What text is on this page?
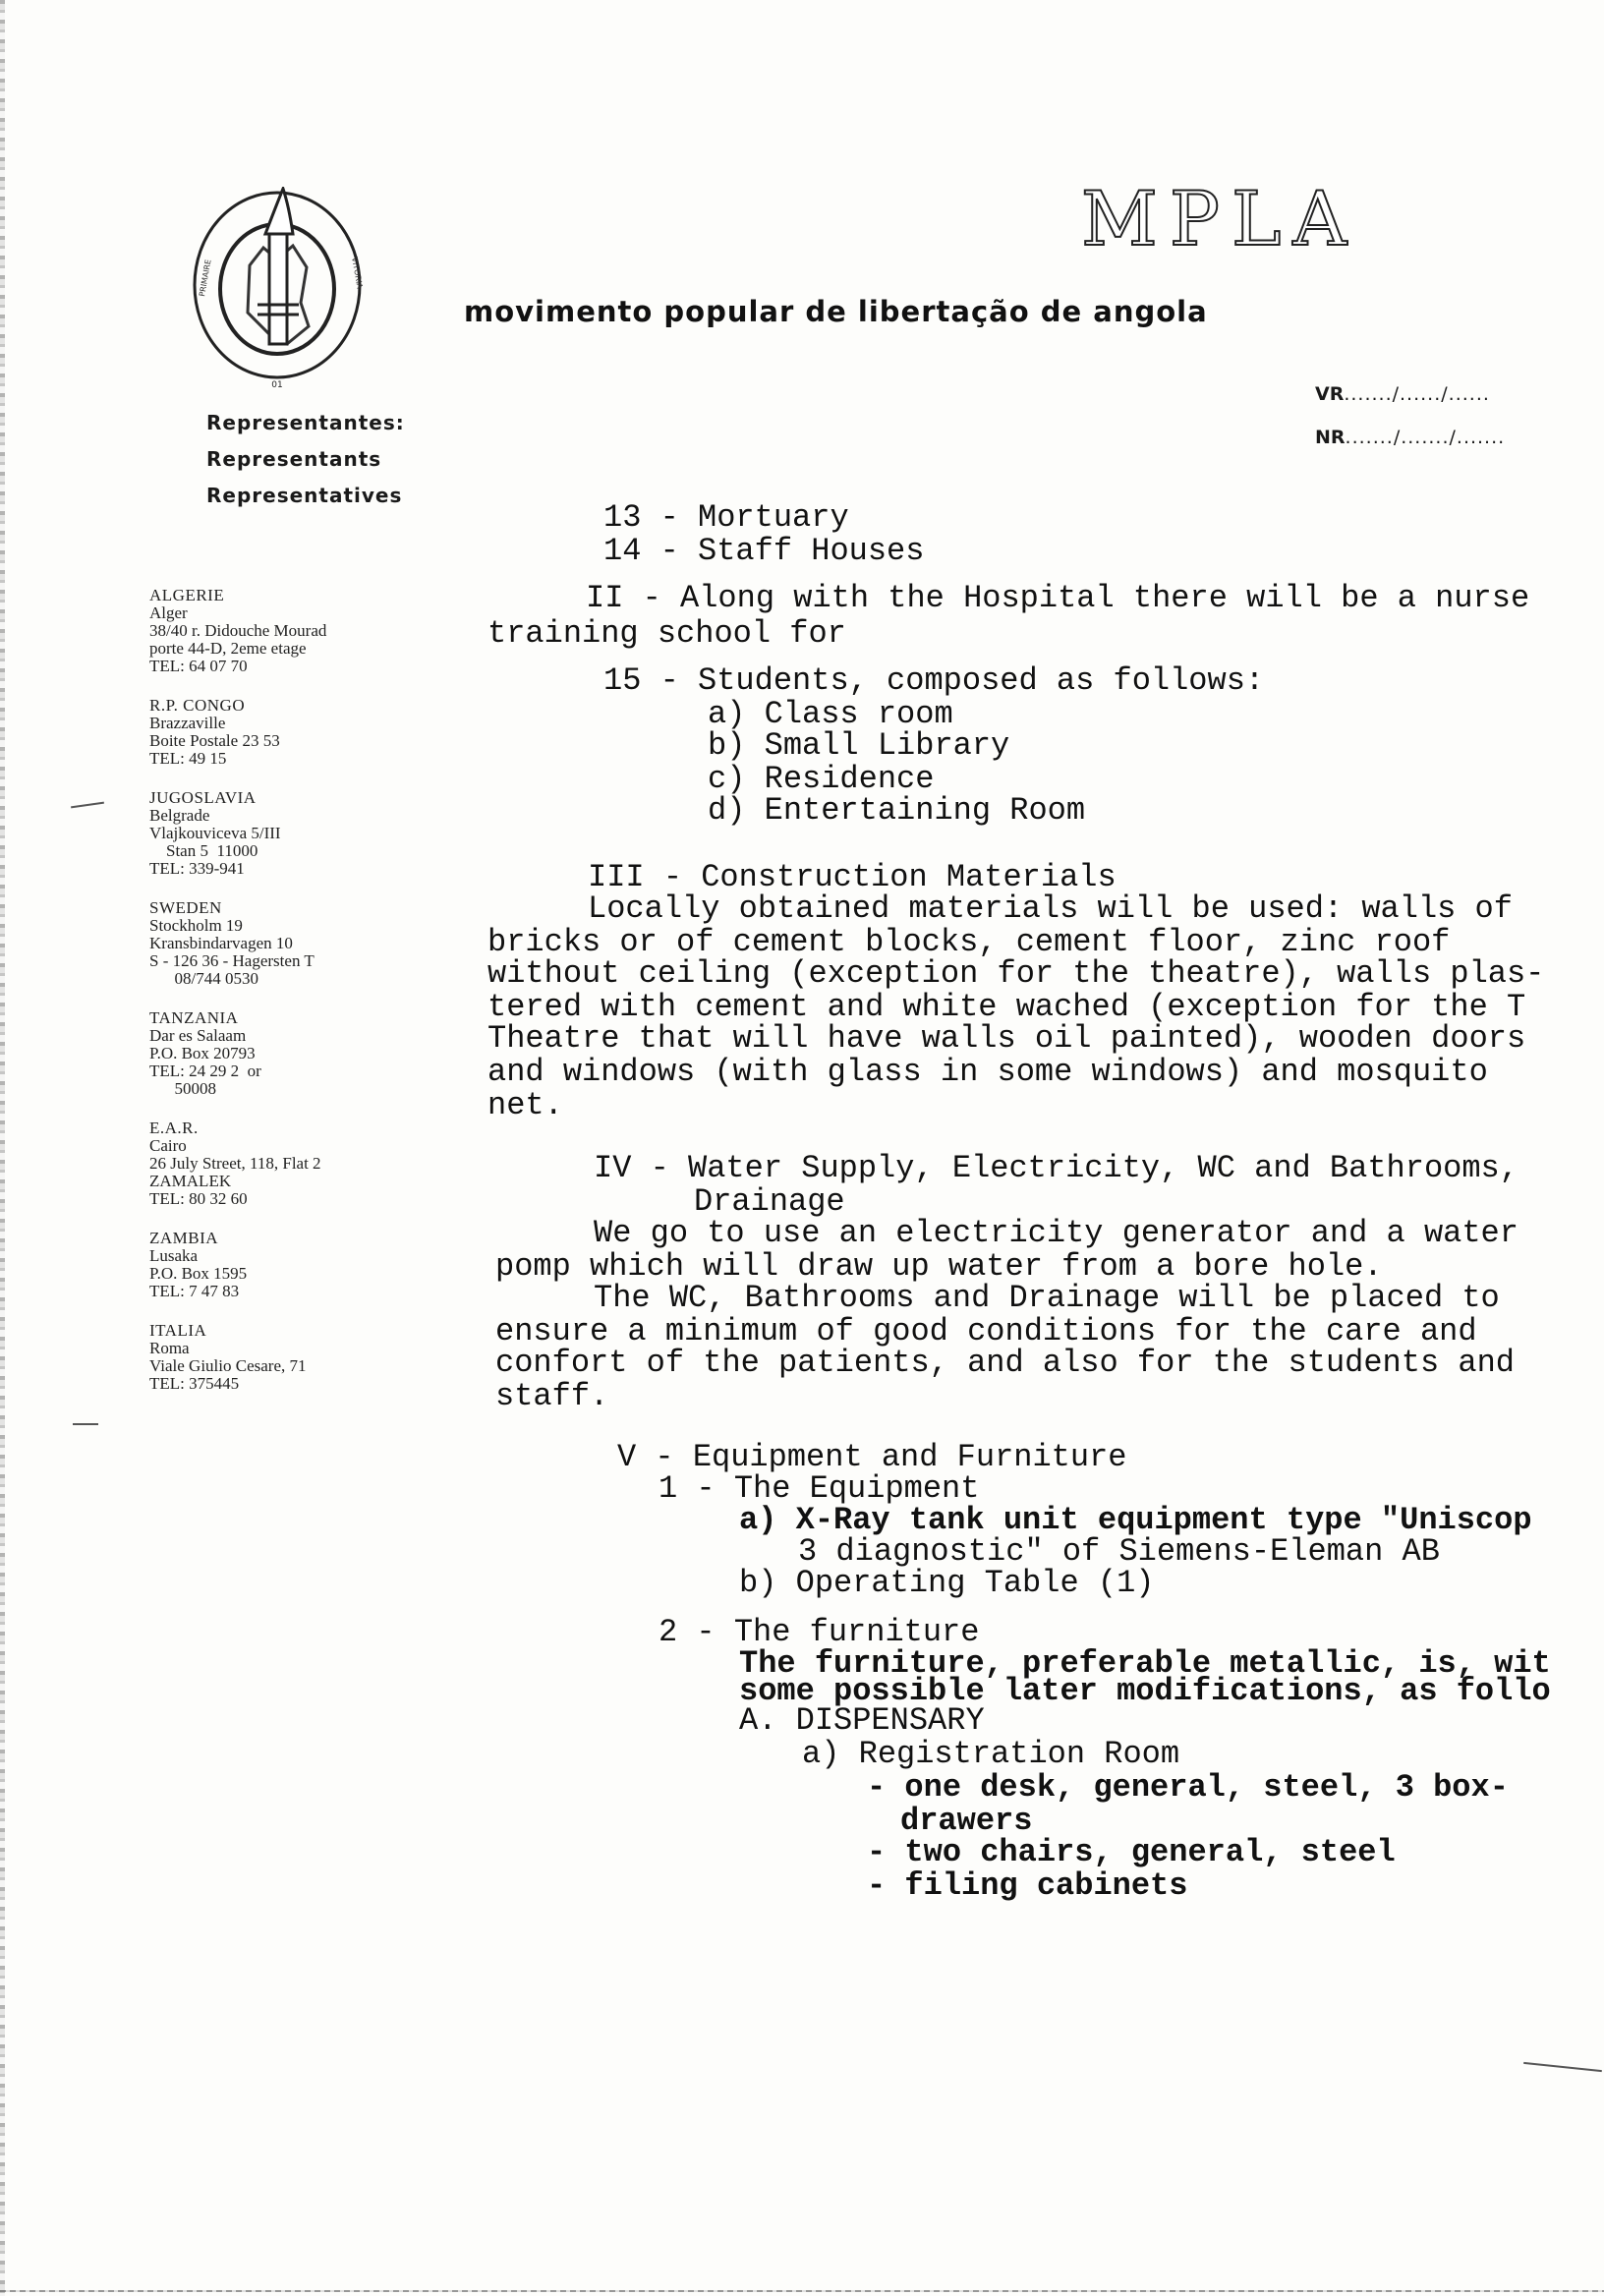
01
PRIMAIRE	VITORIA
MPLA
movimento popular de libertação de angola
VR......./....../......
NR......./......./.......
Representantes:
Representants
Representatives
ALGERIE
Alger
38/40 r. Didouche Mourad
porte 44-D, 2eme etage
TEL: 64 07 70
R.P. CONGO
Brazzaville
Boite Postale 23 53
TEL: 49 15
JUGOSLAVIA
Belgrade
Vlajkouviceva 5/III
Stan 5  11000
TEL: 339-941
SWEDEN
Stockholm 19
Kransbindarvagen 10
S - 126 36 - Hagersten T
08/744 0530
TANZANIA
Dar es Salaam
P.O. Box 20793
TEL: 24 29 2  or
50008
E.A.R.
Cairo
26 July Street, 118, Flat 2
ZAMALEK
TEL: 80 32 60
ZAMBIA
Lusaka
P.O. Box 1595
TEL: 7 47 83
ITALIA
Roma
Viale Giulio Cesare, 71
TEL: 375445
13 - Mortuary
14 - Staff Houses
II - Along with the Hospital there will be a nurse
training school for
15 - Students, composed as follows:
a) Class room
b) Small Library
c) Residence
d) Entertaining Room
III - Construction Materials
Locally obtained materials will be used: walls of
bricks or of cement blocks, cement floor, zinc roof
without ceiling (exception for the theatre), walls plas-
tered with cement and white wached (exception for the T
Theatre that will have walls oil painted), wooden doors
and windows (with glass in some windows) and mosquito
net.
IV - Water Supply, Electricity, WC and Bathrooms,
Drainage
We go to use an electricity generator and a water
pomp which will draw up water from a bore hole.
The WC, Bathrooms and Drainage will be placed to
ensure a minimum of good conditions for the care and
confort of the patients, and also for the students and
staff.
V - Equipment and Furniture
1 - The Equipment
a) X-Ray tank unit equipment type "Uniscop
3 diagnostic" of Siemens-Eleman AB
b) Operating Table (1)
2 - The furniture
The furniture, preferable metallic, is, wit
some possible later modifications, as follo
A. DISPENSARY
a) Registration Room
- one desk, general, steel, 3 box-
drawers
- two chairs, general, steel
- filing cabinets
